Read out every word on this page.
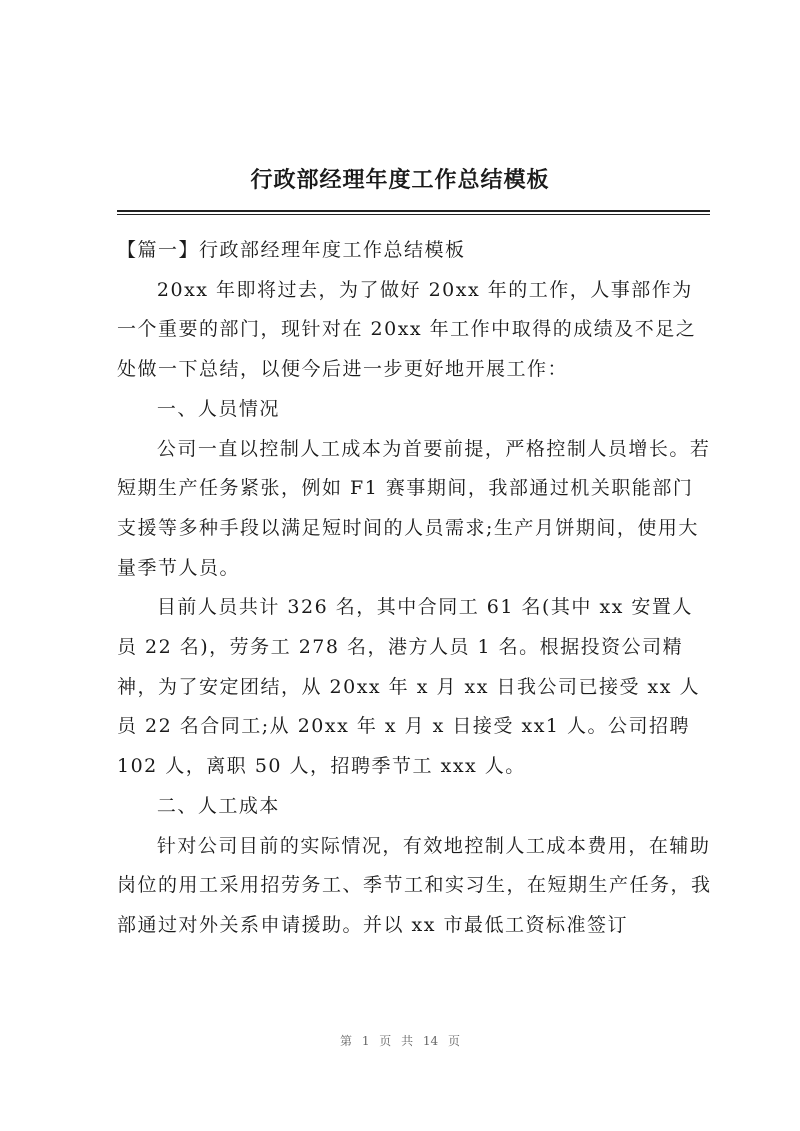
行政部经理年度工作总结模板

【篇一】行政部经理年度工作总结模板

20xx 年即将过去，为了做好 20xx 年的工作，人事部作为一个重要的部门，现针对在 20xx 年工作中取得的成绩及不足之处做一下总结，以便今后进一步更好地开展工作：

一、人员情况

公司一直以控制人工成本为首要前提，严格控制人员增长。若短期生产任务紧张，例如 F1 赛事期间，我部通过机关职能部门支援等多种手段以满足短时间的人员需求;生产月饼期间，使用大量季节人员。

目前人员共计 326 名，其中合同工 61 名(其中 xx 安置人员 22 名)，劳务工 278 名，港方人员 1 名。根据投资公司精神，为了安定团结，从 20xx 年 x 月 xx 日我公司已接受 xx 人员 22 名合同工;从 20xx 年 x 月 x 日接受 xx1 人。公司招聘 102 人，离职 50 人，招聘季节工 xxx 人。

二、人工成本

针对公司目前的实际情况，有效地控制人工成本费用，在辅助岗位的用工采用招劳务工、季节工和实习生，在短期生产任务，我部通过对外关系申请援助。并以 xx 市最低工资标准签订

第 1 页 共 14 页
